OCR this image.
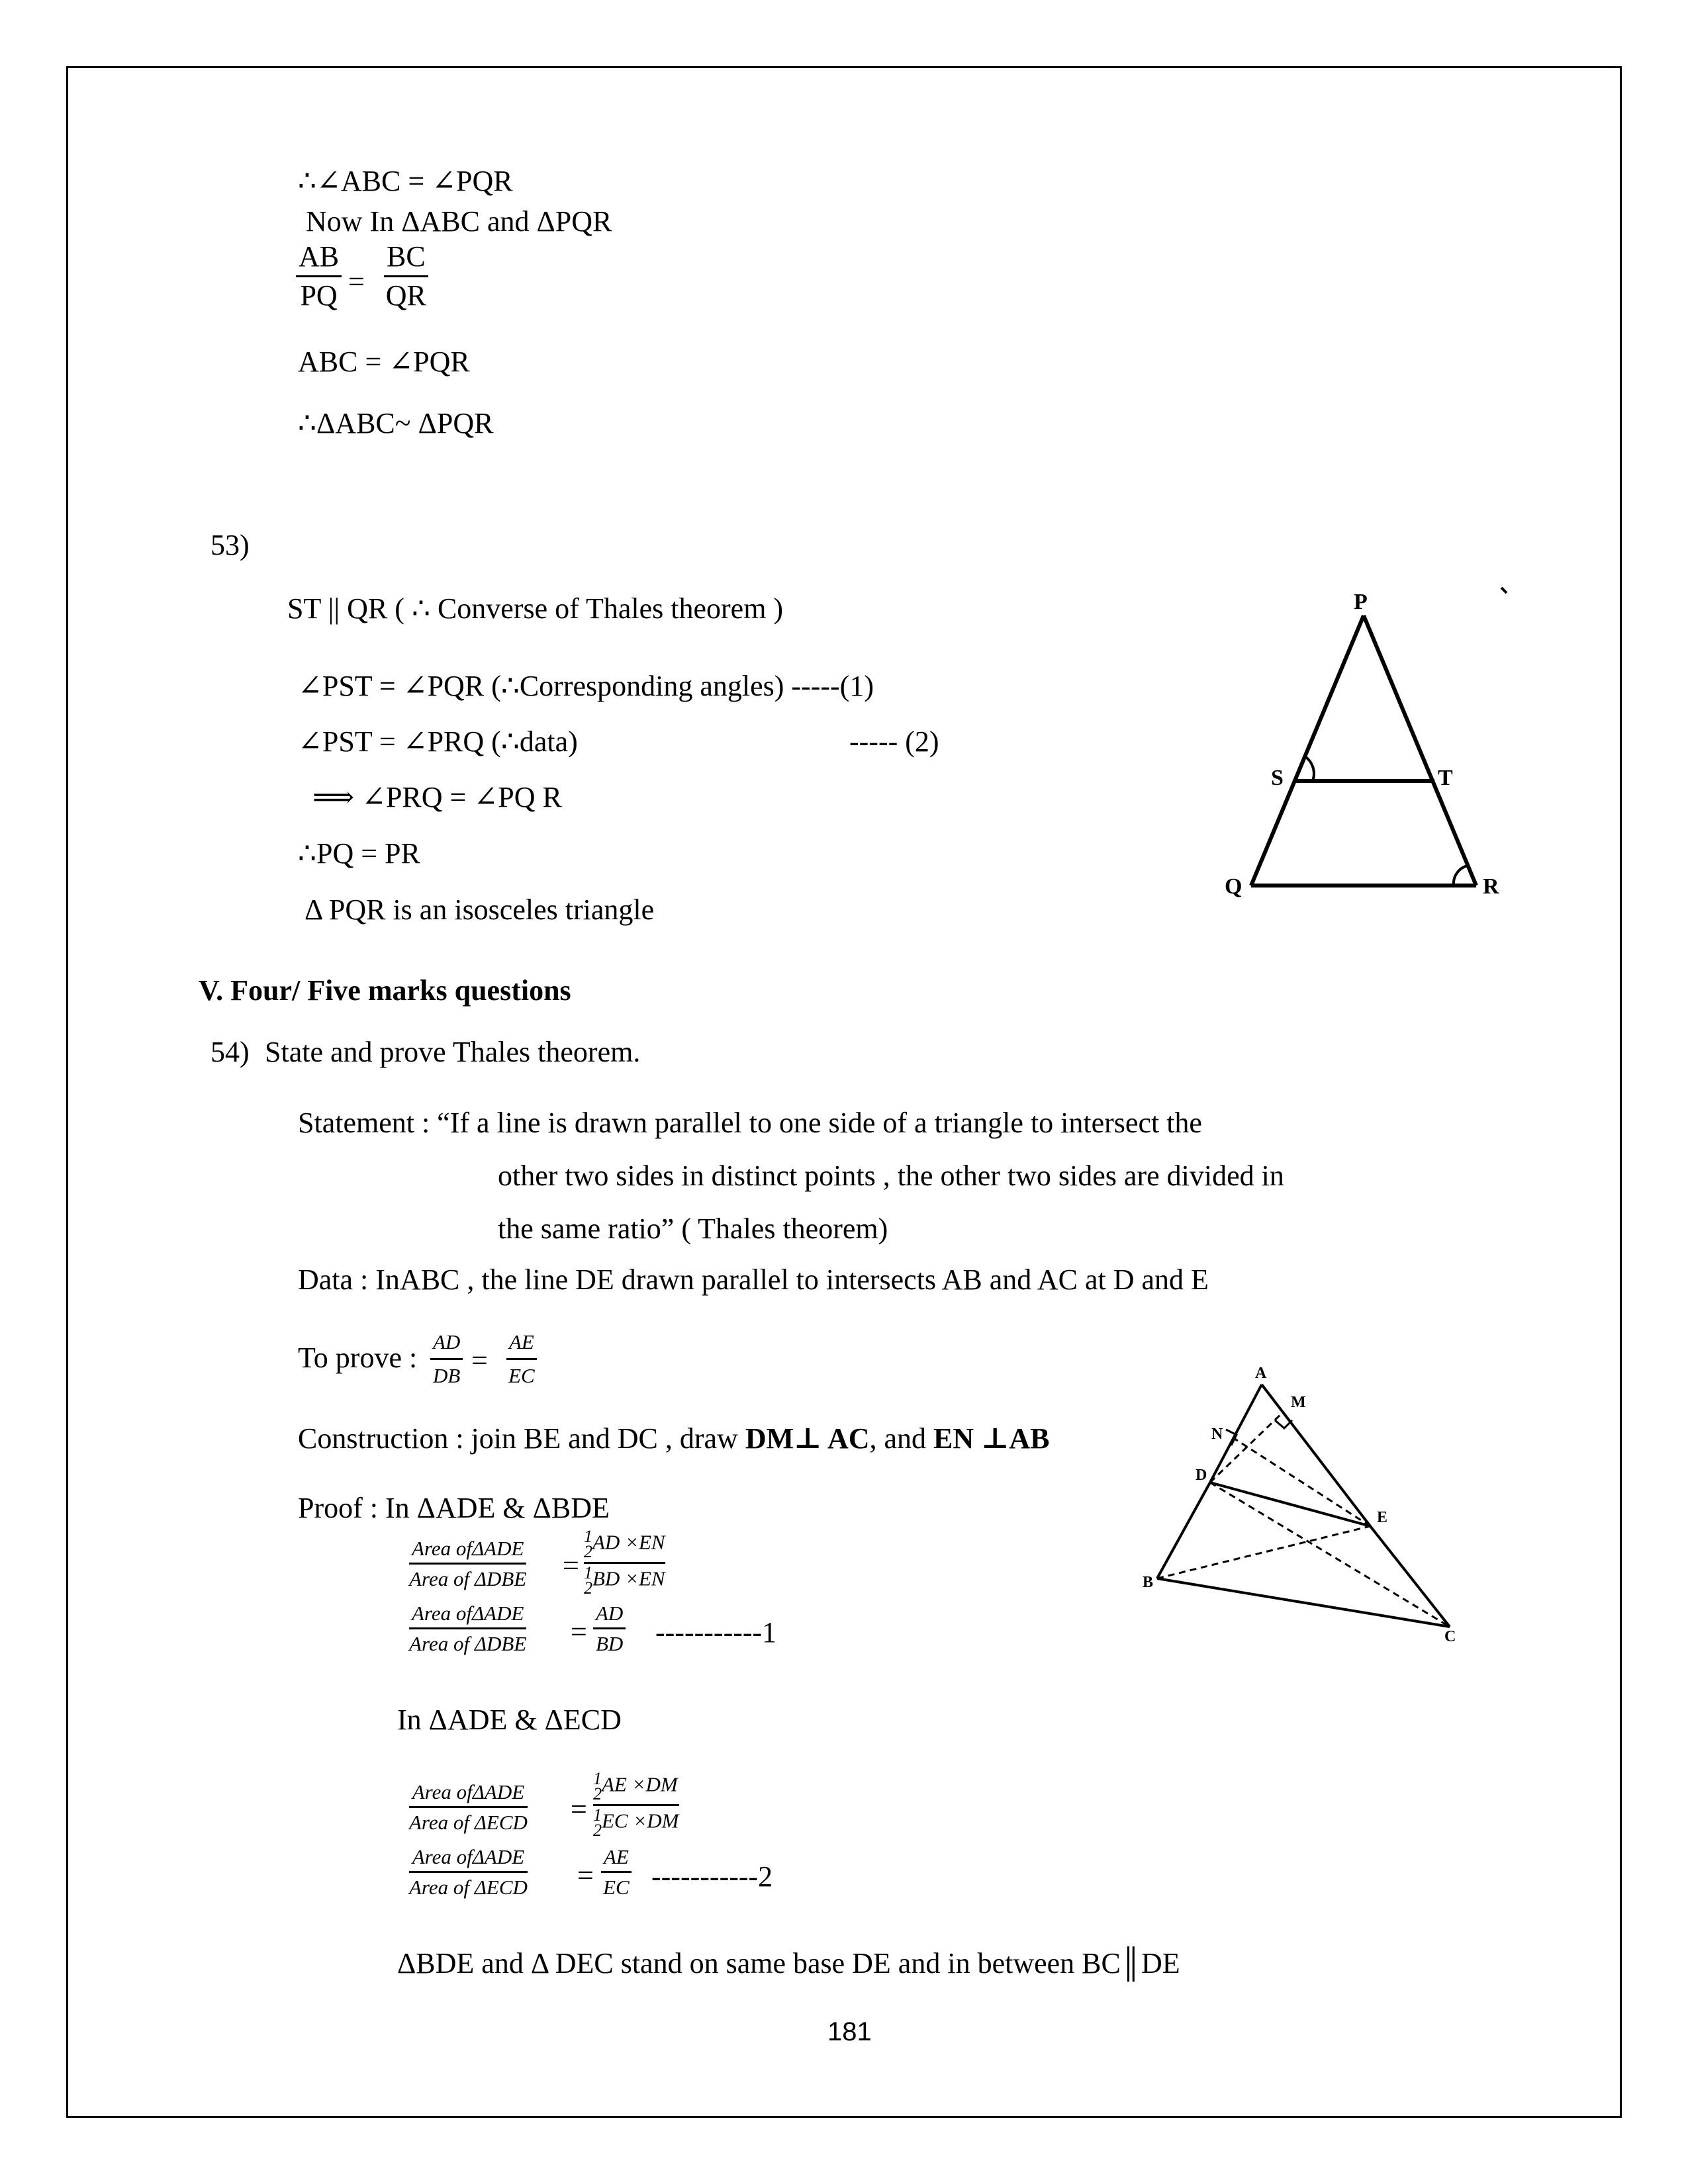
∴∠ABC = ∠PQR
Now In ΔABC and ΔPQR
$\frac{AB}{PQ} = \frac{BC}{QR}$
ABC = ∠PQR
∴ΔABC~ ΔPQR
53)
ST || QR ( ∴ Converse of Thales theorem )
∠PST = ∠PQR (∴Corresponding angles) -----(1)
∠PST = ∠PRQ (∴data)	----- (2)
⟹ ∠PRQ = ∠PQ R
∴PQ = PR
Δ PQR is an isosceles triangle
P
S	T
Q	R
V. Four/ Five marks questions
54) State and prove Thales theorem.
Statement : “If a line is drawn parallel to one side of a triangle to intersect the
other two sides in distinct points , the other two sides are divided in
the same ratio” ( Thales theorem)
Data : InABC , the line DE drawn parallel to intersects AB and AC at D and E
To prove : $\frac{AD}{DB} = \frac{AE}{EC}$
Construction : join BE and DC , draw DM⊥ AC, and EN ⊥AB
Proof : In ΔADE & ΔBDE
Area ofΔADE
Area of ΔDBE =
1
2AD ×EN
1
2BD ×EN
Area ofΔADE
Area of $\Delta DBE = \frac{AD}{BD} -----------1$
In ΔADE & ΔECD
Area ofΔADE
Area of ΔECD =
1
2AE ×DM
1
2EC ×DM
Area ofΔADE
Area of $\Delta ECD = \frac{AE}{EC} -----------2$
ΔBDE and Δ DEC stand on same base DE and in between BC║DE
A
M
N
D
E
B
C
181
